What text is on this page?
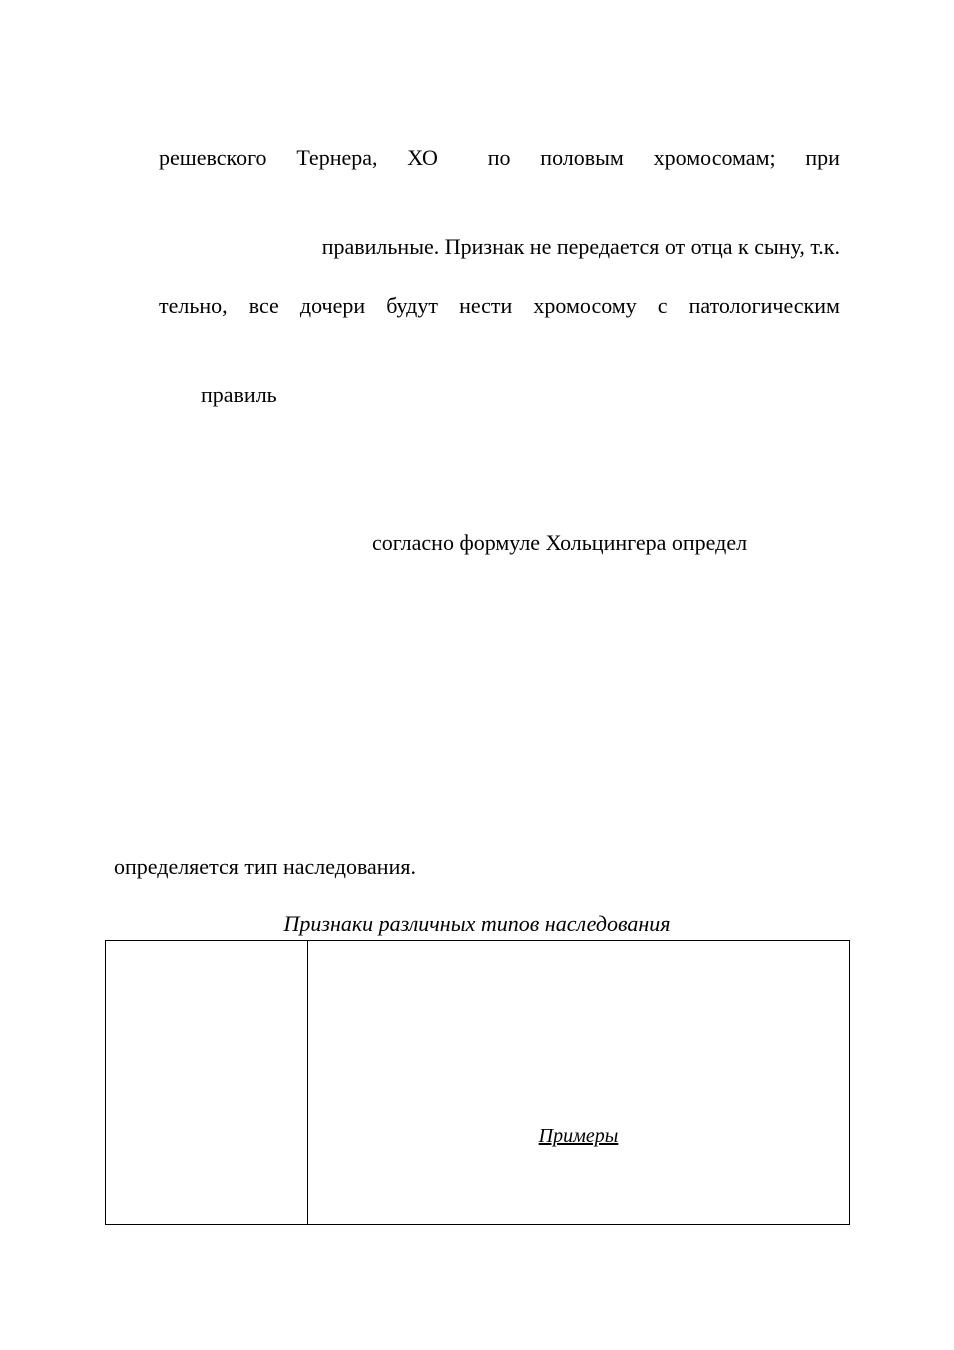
решевского Тернера, ХО по половым хромосомам; при
правильные. Признак не передается от отца к сыну, т.к.
тельно, все дочери будут нести хромосому с патологическим
правиль
согласно формуле Хольцингера определ
определяется тип наследования.
Признаки различных типов наследования
Примеры
